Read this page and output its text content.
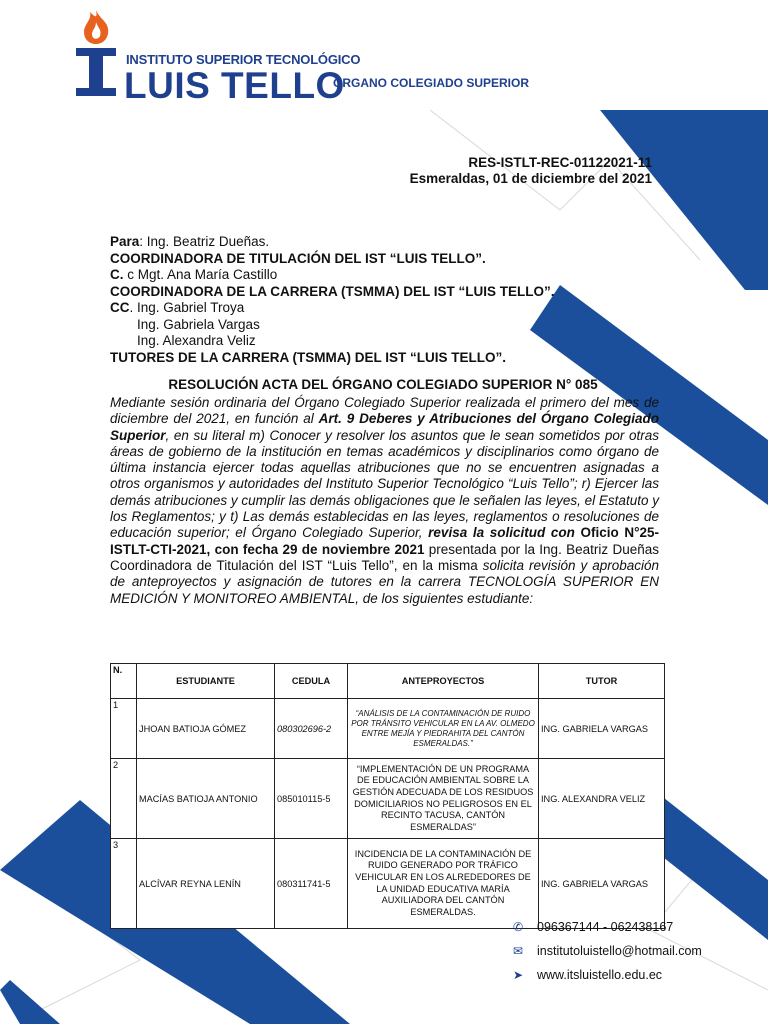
INSTITUTO SUPERIOR TECNOLÓGICO
LUIS TELLO
ORGANO COLEGIADO SUPERIOR
RES-ISTLT-REC-01122021-11
Esmeraldas, 01 de diciembre del 2021
Para: Ing. Beatriz Dueñas.
COORDINADORA DE TITULACIÓN DEL IST “LUIS TELLO”.
C. c Mgt. Ana María Castillo
COORDINADORA DE LA CARRERA (TSMMA) DEL IST “LUIS TELLO”.
CC. Ing. Gabriel Troya
Ing. Gabriela Vargas
Ing. Alexandra Veliz
TUTORES DE LA CARRERA (TSMMA) DEL IST “LUIS TELLO”.
RESOLUCIÓN ACTA DEL ÓRGANO COLEGIADO SUPERIOR N° 085
Mediante sesión ordinaria del Órgano Colegiado Superior realizada el primero del mes de diciembre del 2021, en función al Art. 9 Deberes y Atribuciones del Órgano Colegiado Superior, en su literal m) Conocer y resolver los asuntos que le sean sometidos por otras áreas de gobierno de la institución en temas académicos y disciplinarios como órgano de última instancia ejercer todas aquellas atribuciones que no se encuentren asignadas a otros organismos y autoridades del Instituto Superior Tecnológico “Luis Tello”; r) Ejercer las demás atribuciones y cumplir las demás obligaciones que le señalen las leyes, el Estatuto y los Reglamentos; y t) Las demás establecidas en las leyes, reglamentos o resoluciones de educación superior; el Órgano Colegiado Superior, revisa la solicitud con Oficio N°25-ISTLT-CTI-2021, con fecha 29 de noviembre 2021 presentada por la Ing. Beatriz Dueñas Coordinadora de Titulación del IST “Luis Tello”, en la misma solicita revisión y aprobación de anteproyectos y asignación de tutores en la carrera TECNOLOGÍA SUPERIOR EN MEDICIÓN Y MONITOREO AMBIENTAL, de los siguientes estudiante:
N.	ESTUDIANTE	CEDULA	ANTEPROYECTOS	TUTOR
1	JHOAN BATIOJA GÓMEZ	080302696-2	“ANÁLISIS DE LA CONTAMINACIÓN DE RUIDO POR TRÁNSITO VEHICULAR EN LA AV. OLMEDO ENTRE MEJÍA Y PIEDRAHITA DEL CANTÓN ESMERALDAS.”	ING. GABRIELA VARGAS
2	MACÍAS BATIOJA ANTONIO	085010115-5	“IMPLEMENTACIÓN DE UN PROGRAMA DE EDUCACIÓN AMBIENTAL SOBRE LA GESTIÓN ADECUADA DE LOS RESIDUOS DOMICILIARIOS NO PELIGROSOS EN EL RECINTO TACUSA, CANTÓN ESMERALDAS”	ING. ALEXANDRA VELIZ
3	ALCÍVAR REYNA LENÍN	080311741-5	INCIDENCIA DE LA CONTAMINACIÓN DE RUIDO GENERADO POR TRÁFICO VEHICULAR EN LOS ALREDEDORES DE LA UNIDAD EDUCATIVA MARÍA AUXILIADORA DEL CANTÓN ESMERALDAS.	ING. GABRIELA VARGAS
✆	096367144 - 062438167
✉	institutoluistello@hotmail.com
➤	www.itsluistello.edu.ec
